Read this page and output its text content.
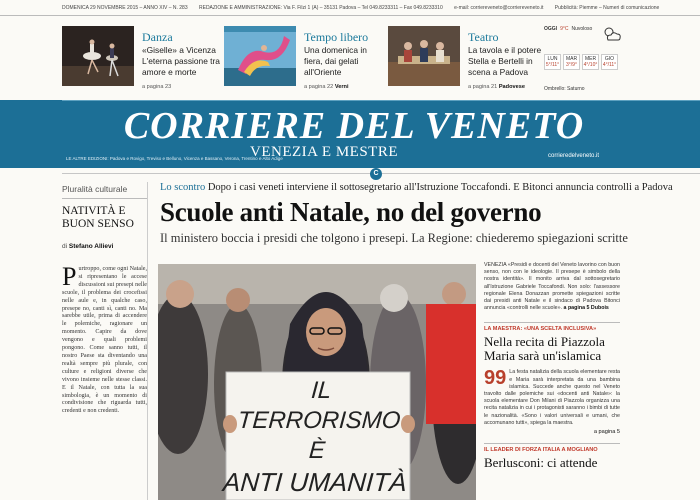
DOMENICA 29 NOVEMBRE 2015 – ANNO XIV – N. 283 REDAZIONE E AMMINISTRAZIONE: Via F. Filzi 1 (A) – 35131 Padova – Tel 049.8233311 – Fax 049.8233310 e-mail: corriereveneto@corriereveneto.it Pubblicità: Piemme – Numeri di comunicazione
Danza
«Giselle» a Vicenza L'eterna passione tra amore e morte
a pagina 23
Tempo libero
Una domenica in fiera, dai gelati all'Oriente
a pagina 22 Verni
Teatro
La tavola e il potere Stella e Bertelli in scena a Padova
a pagina 21 Padovese
OGGI 9°C Nuvoloso
LUN
5°/11°
MAR
3°/9°
MER
4°/10°
GIO
4°/11°
Ombrello: Saturno
CORRIERE DEL VENETO
VENEZIA E MESTRE
LE ALTRE EDIZIONI: Padova e Rovigo, Treviso e Belluno, Vicenza e Bassano, Verona, Trentino e Alto Adige	corrieredelveneto.it
C
Pluralità culturale
NATIVITÀ E BUON SENSO
di Stefano Allievi
P urtroppo, come ogni Natale, si ripresentano le accese discussioni sui presepi nelle scuole, il problema dei crocefissi nelle aule e, in qualche caso, presepe no, canti sì, canti no. Ma sarebbe utile, prima di accendere le polemiche, ragionare un momento. Capire da dove vengono e quali problemi pongono. Come sanno tutti, il nostro Paese sta diventando una realtà sempre più plurale, con culture e religioni diverse che vivono insieme nelle stesse classi. E il Natale, con tutta la sua simbologia, è un momento di condivisione che riguarda tutti, credenti e non credenti.
Lo scontro Dopo i casi veneti interviene il sottosegretario all'Istruzione Toccafondi. E Bitonci annuncia controlli a Padova
Scuole anti Natale, no del governo
Il ministero boccia i presidi che tolgono i presepi. La Regione: chiederemo spiegazioni scritte
IL TERRORISMO
È
ANTI UMANITÀ
VENEZIA «Presidi e docenti del Veneto lavorino con buon senso, non con le ideologie. Il presepe è simbolo della nostra identità». Il monito arriva dal sottosegretario all'Istruzione Gabriele Toccafondi. Non solo: l'assessore regionale Elena Donazzan promette spiegazioni scritte dai presidi anti Natale e il sindaco di Padova Bitonci annuncia «controlli nelle scuole». a pagina 5 Dubois
LA MAESTRA: «UNA SCELTA INCLUSIVA»
Nella recita di Piazzola Maria sarà un'islamica
99 La festa natalizia della scuola elementare resta e Maria sarà interpretata da una bambina islamica. Succede anche questo nel Veneto travolto dalle polemiche sui «docenti anti Natale»: la scuola elementare Don Milani di Piazzola organizza una recita natalizia in cui i protagonisti saranno i bimbi di tutte le nazionalità. «Sono i valori universali e umani, che accomunano tutti», spiega la maestra.
a pagina 5
IL LEADER DI FORZA ITALIA A MOGLIANO
Berlusconi: ci attende
